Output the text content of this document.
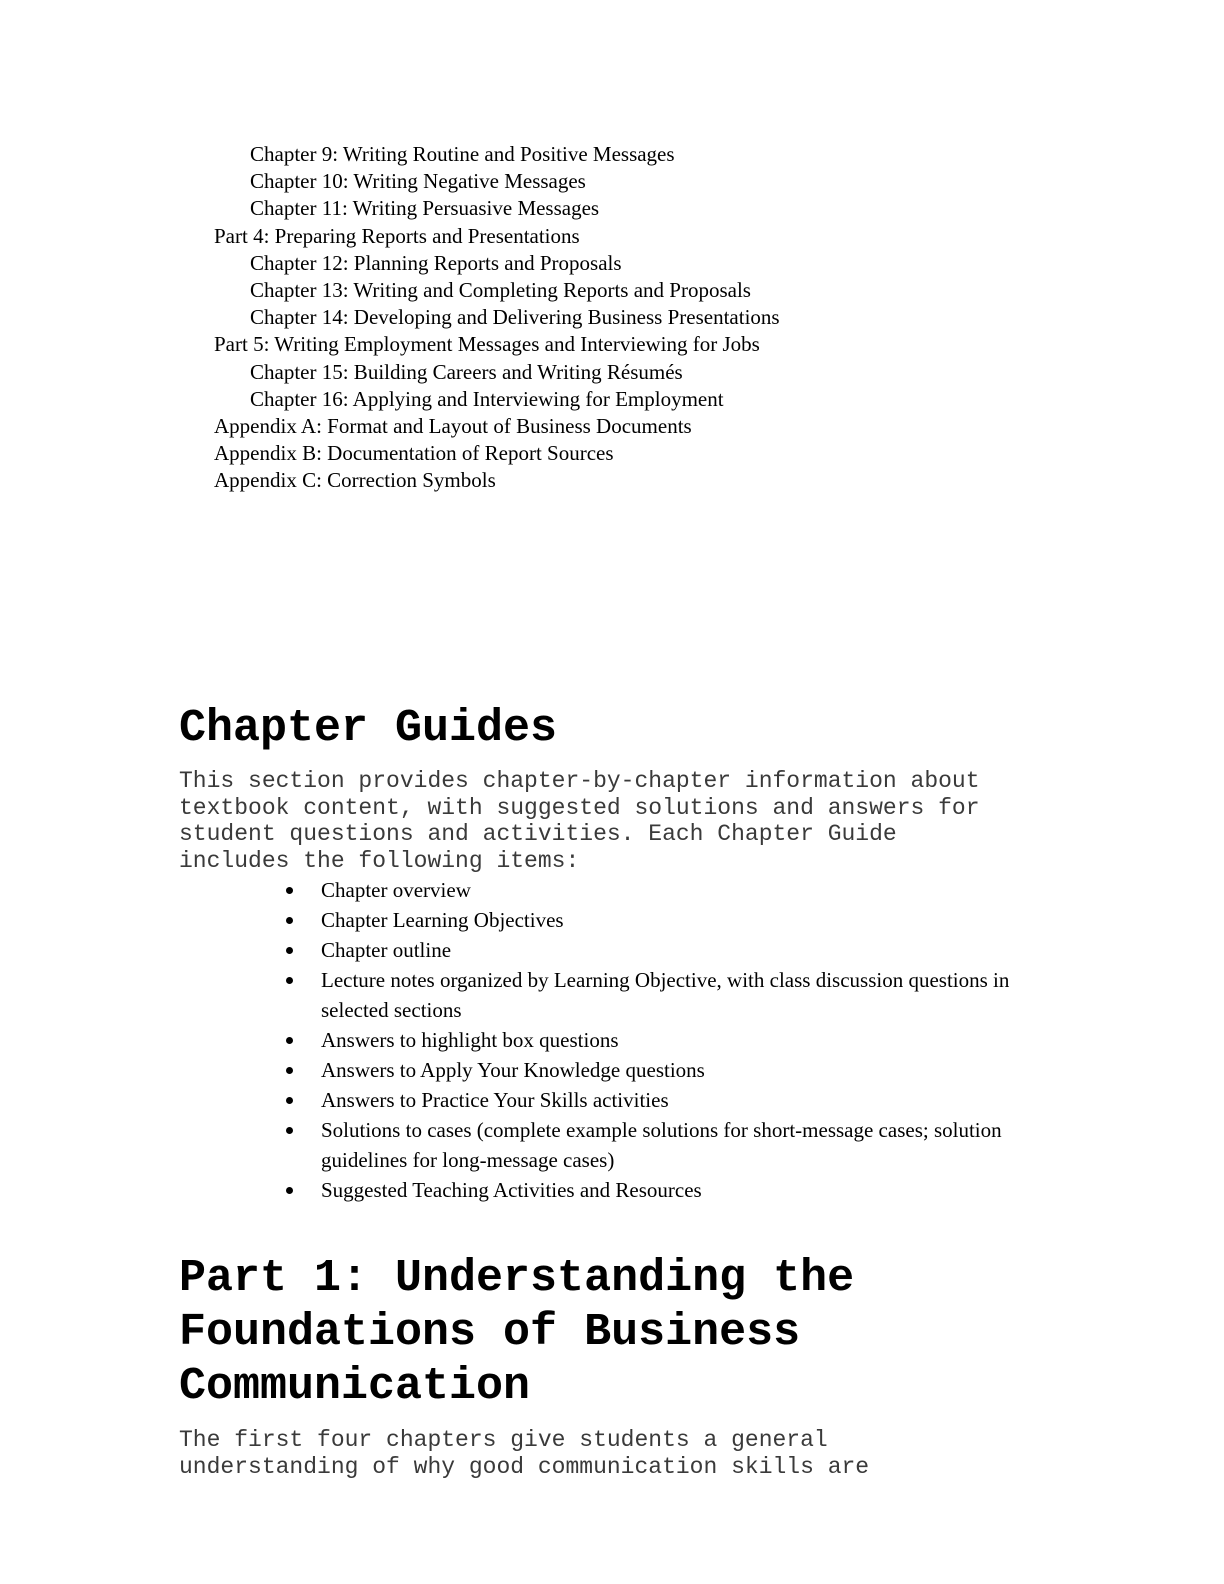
Chapter 9: Writing Routine and Positive Messages
Chapter 10: Writing Negative Messages
Chapter 11: Writing Persuasive Messages
Part 4: Preparing Reports and Presentations
Chapter 12: Planning Reports and Proposals
Chapter 13: Writing and Completing Reports and Proposals
Chapter 14: Developing and Delivering Business Presentations
Part 5: Writing Employment Messages and Interviewing for Jobs
Chapter 15: Building Careers and Writing Résumés
Chapter 16: Applying and Interviewing for Employment
Appendix A: Format and Layout of Business Documents
Appendix B: Documentation of Report Sources
Appendix C: Correction Symbols
Chapter Guides

This section provides chapter-by-chapter information about
textbook content, with suggested solutions and answers for
student questions and activities. Each Chapter Guide
includes the following items:

Chapter overview
Chapter Learning Objectives
Chapter outline
Lecture notes organized by Learning Objective, with class discussion questions in selected sections
Answers to highlight box questions
Answers to Apply Your Knowledge questions
Answers to Practice Your Skills activities
Solutions to cases (complete example solutions for short-message cases; solution guidelines for long-message cases)
Suggested Teaching Activities and Resources
Part 1: Understanding the
Foundations of Business
Communication

The first four chapters give students a general
understanding of why good communication skills are
